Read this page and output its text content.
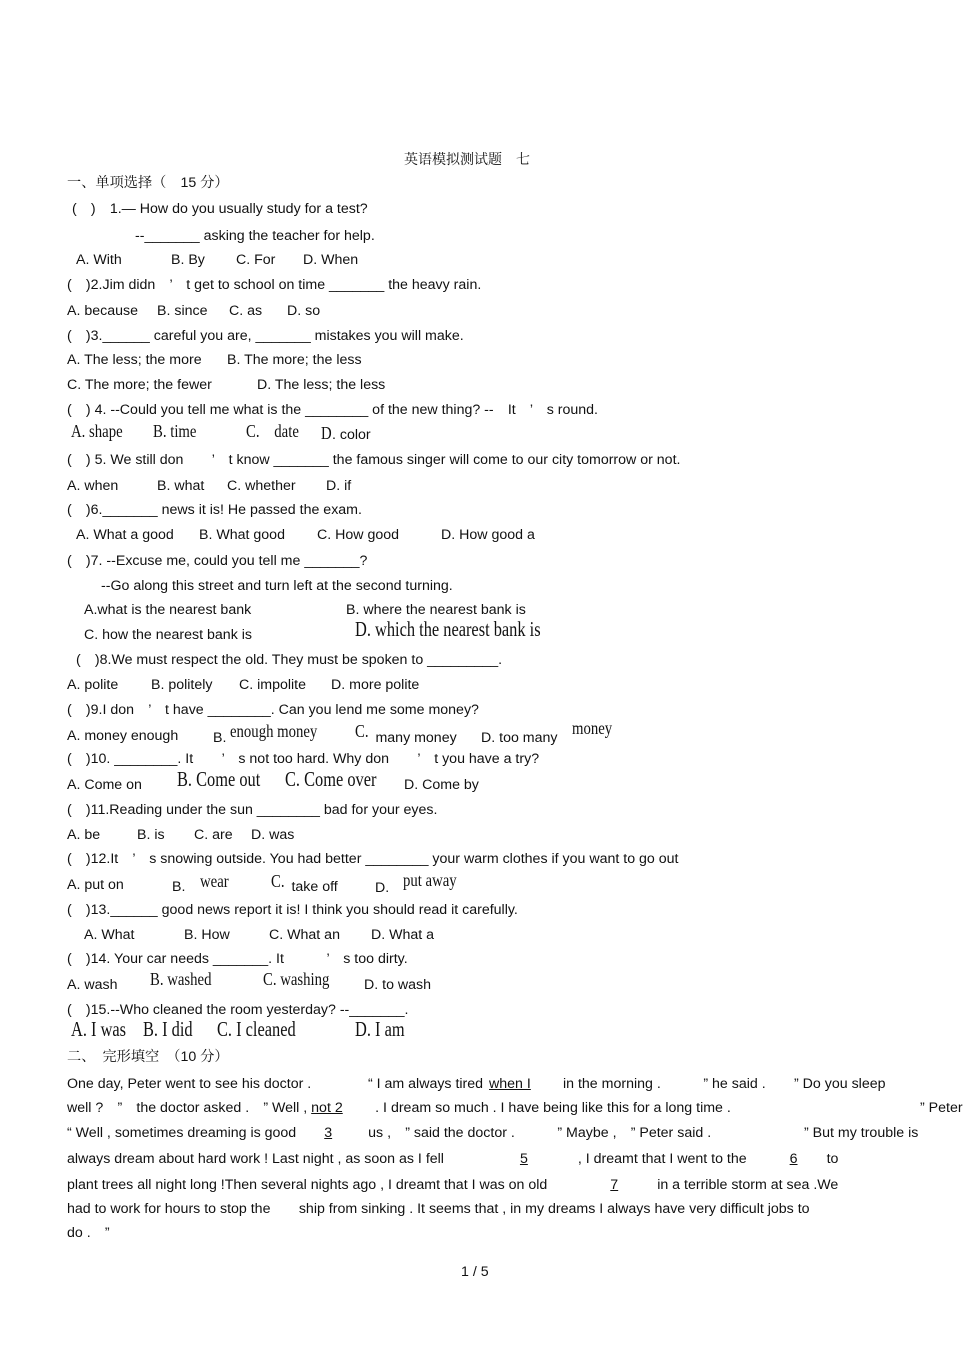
英语模拟测试题　七
一、单项选择（　15 分）
(　)　1.— How do you usually study for a test?
--_______ asking the teacher for help.
A. With	B. By C. For D. When
(　)2.Jim didn　’　t get to school on time _______ the heavy rain.
A. because B. since C. as D. so
(　)3.______ careful you are, _______ mistakes you will make.
A. The less; the more B. The more; the less
C. The more; the fewer	D. The less; the less
(　) 4. --Could you tell me what is the ________ of the new thing? --　It　’　s round.
A. shape	B. time	C.　date	D. color
(　) 5. We still don　　’　t know _______ the famous singer will come to our city tomorrow or not.
A. when	B. what C. whether D. if
(　)6._______ news it is! He passed the exam.
A. What a good B. What good C. How good	D. How good a
(　)7. --Excuse me, could you tell me _______?
--Go along this street and turn left at the second turning.
A.what is the nearest bank	B. where the nearest bank is
C. how the nearest bank is	D. which the nearest bank is
(　)8.We must respect the old. They must be spoken to _________.
A. polite B. politely C. impolite D. more polite
(　)9.I don　’　t have ________. Can you lend me some money?
A. money enough B. enough money	C. many money D. too many　 money
(　)10. ________. It　　’　s not too hard. Why don　　’　t you have a try?
A. Come on B. Come out	C. Come over	D. Come by
(　)11.Reading under the sun ________ bad for your eyes.
A. be	B. is C. are D. was
(　)12.It　’　s snowing outside. You had better ________ your warm clothes if you want to go out
A. put on	B.　 wear	C. take off	D.　 put away
(　)13.______ good news report it is! I think you should read it carefully.
A. What	B. How	C. What an D. What a
(　)14. Your car needs _______. It　　　’　s too dirty.
A. wash B. washed	C. washing	D. to wash
(　)15.--Who cleaned the room yesterday? --_______.
A. I was B. I did	C. I cleaned	D. I am
二、　完形填空　（10 分）
One day, Peter went to see his doctor .　　　　“ I am always tired when I in the morning .　　　” he said .　　” Do you sleep
well ?　”　the doctor asked .　” Well , not 2 . I dream so much . I have being like this for a long time .	” Peter
“ Well , sometimes dreaming is good 3	us ,　” said the doctor .　　　” Maybe ,　” Peter said .	” But my trouble is
always dream about hard work ! Last night , as soon as I fell	5	, I dreamt that I went to the	6 to
plant trees all night long !Then several nights ago , I dreamt that I was on old	7	in a terrible storm at sea .We
had to work for hours to stop the　　ship from sinking . It seems that , in my dreams I always have very difficult jobs to
do .　”
1 / 5
